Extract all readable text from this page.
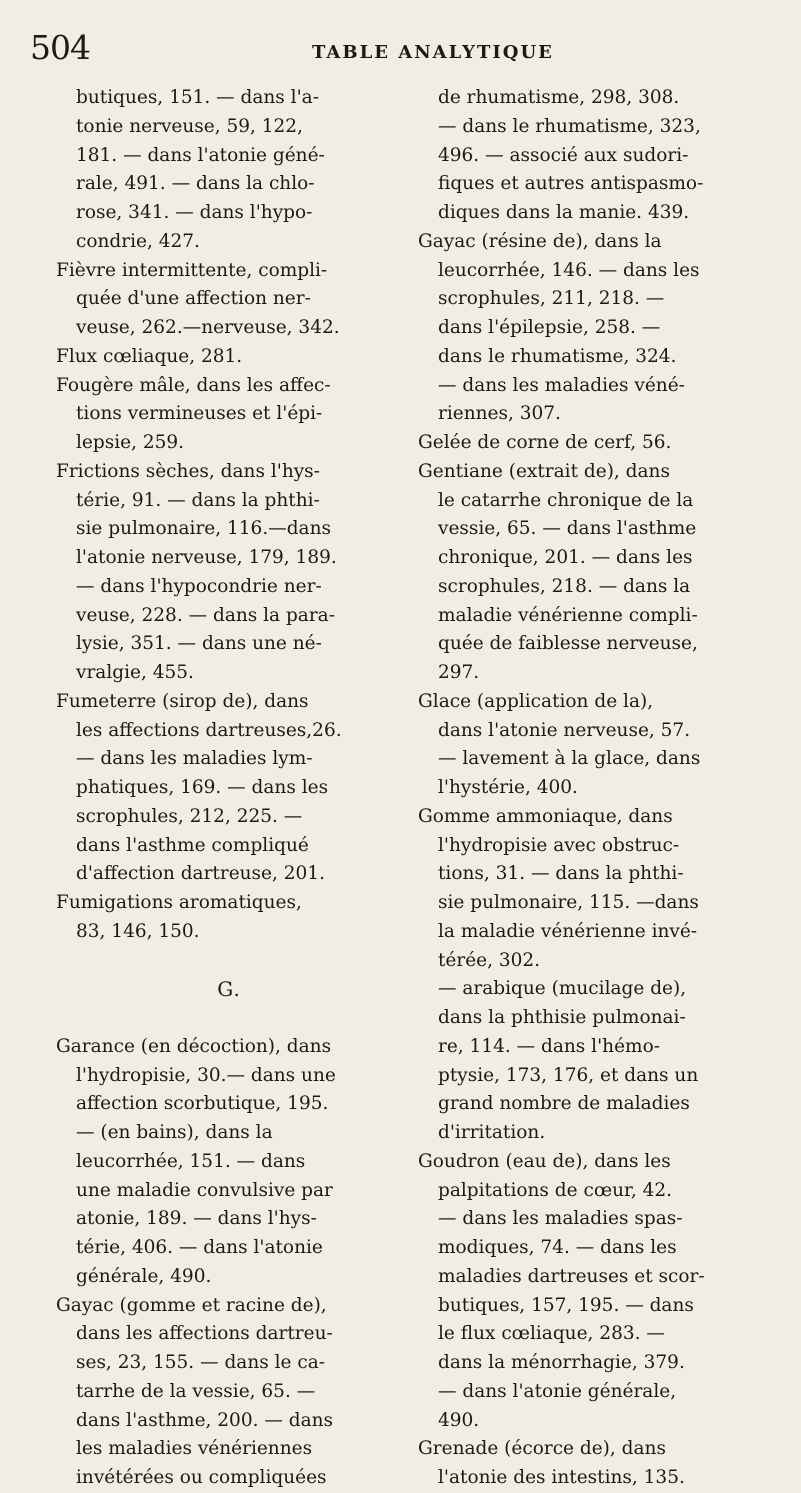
504	TABLE ANALYTIQUE
butiques, 151. — dans l'a-
tonie nerveuse, 59, 122,
181. — dans l'atonie géné-
rale, 491. — dans la chlo-
rose, 341. — dans l'hypo-
condrie, 427.
Fièvre intermittente, compli-
quée d'une affection ner-
veuse, 262.—nerveuse, 342.
Flux cœliaque, 281.
Fougère mâle, dans les affec-
tions vermineuses et l'épi-
lepsie, 259.
Frictions sèches, dans l'hys-
térie, 91. — dans la phthi-
sie pulmonaire, 116.—dans
l'atonie nerveuse, 179, 189.
— dans l'hypocondrie ner-
veuse, 228. — dans la para-
lysie, 351. — dans une né-
vralgie, 455.
Fumeterre (sirop de), dans
les affections dartreuses,26.
— dans les maladies lym-
phatiques, 169. — dans les
scrophules, 212, 225. —
dans l'asthme compliqué
d'affection dartreuse, 201.
Fumigations aromatiques,
83, 146, 150.
G.
Garance (en décoction), dans
l'hydropisie, 30.— dans une
affection scorbutique, 195.
— (en bains), dans la
leucorrhée, 151. — dans
une maladie convulsive par
atonie, 189. — dans l'hys-
térie, 406. — dans l'atonie
générale, 490.
Gayac (gomme et racine de),
dans les affections dartreu-
ses, 23, 155. — dans le ca-
tarrhe de la vessie, 65. —
dans l'asthme, 200. — dans
les maladies vénériennes
invétérées ou compliquées
de rhumatisme, 298, 308.
— dans le rhumatisme, 323,
496. — associé aux sudori-
fiques et autres antispasmo-
diques dans la manie. 439.
Gayac (résine de), dans la
leucorrhée, 146. — dans les
scrophules, 211, 218. —
dans l'épilepsie, 258. —
dans le rhumatisme, 324.
— dans les maladies véné-
riennes, 307.
Gelée de corne de cerf, 56.
Gentiane (extrait de), dans
le catarrhe chronique de la
vessie, 65. — dans l'asthme
chronique, 201. — dans les
scrophules, 218. — dans la
maladie vénérienne compli-
quée de faiblesse nerveuse,
297.
Glace (application de la),
dans l'atonie nerveuse, 57.
— lavement à la glace, dans
l'hystérie, 400.
Gomme ammoniaque, dans
l'hydropisie avec obstruc-
tions, 31. — dans la phthi-
sie pulmonaire, 115. —dans
la maladie vénérienne invé-
térée, 302.
— arabique (mucilage de),
dans la phthisie pulmonai-
re, 114. — dans l'hémo-
ptysie, 173, 176, et dans un
grand nombre de maladies
d'irritation.
Goudron (eau de), dans les
palpitations de cœur, 42.
— dans les maladies spas-
modiques, 74. — dans les
maladies dartreuses et scor-
butiques, 157, 195. — dans
le flux cœliaque, 283. —
dans la ménorrhagie, 379.
— dans l'atonie générale,
490.
Grenade (écorce de), dans
l'atonie des intestins, 135.
